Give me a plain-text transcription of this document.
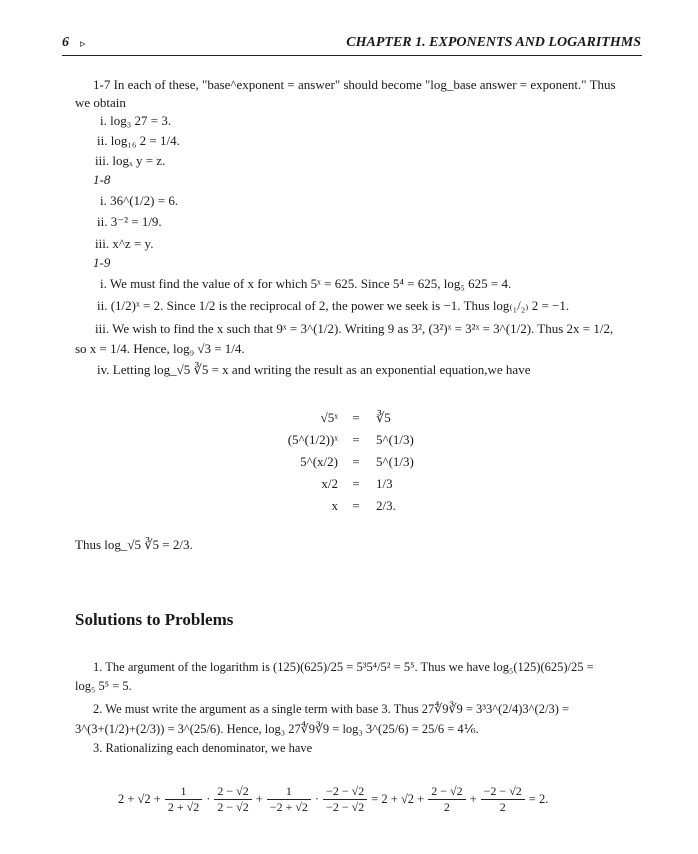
6 ▹	CHAPTER 1. EXPONENTS AND LOGARITHMS
1-7 In each of these, "base^exponent = answer" should become "log_base answer = exponent." Thus
we obtain
i. log₃ 27 = 3.
ii. log₁₆ 2 = 1/4.
iii. logₓ y = z.
1-8
i. 36^(1/2) = 6.
ii. 3⁻² = 1/9.
iii. x^z = y.
1-9
i. We must find the value of x for which 5ˣ = 625. Since 5⁴ = 625, log₅ 625 = 4.
ii. (1/2)ˣ = 2. Since 1/2 is the reciprocal of 2, the power we seek is −1. Thus log₍₁/₂₎ 2 = −1.
iii. We wish to find the x such that 9ˣ = 3^(1/2). Writing 9 as 3², (3²)ˣ = 3²ˣ = 3^(1/2). Thus 2x = 1/2,
so x = 1/4. Hence, log₉ √3 = 1/4.
iv. Letting log_√5 ∛5 = x and writing the result as an exponential equation,we have
√5ˣ	=	∛5
(5^(1/2))ˣ	=	5^(1/3)
5^(x/2)	=	5^(1/3)
x/2	=	1/3
x	=	2/3.
Thus log_√5 ∛5 = 2/3.
Solutions to Problems
1. The argument of the logarithm is (125)(625)/25 = 5³5⁴/5² = 5⁵. Thus we have log₅(125)(625)/25 =
log₅ 5⁵ = 5.
2. We must write the argument as a single term with base 3. Thus 27∜9∛9 = 3³3^(2/4)3^(2/3) =
3^(3+(1/2)+(2/3)) = 3^(25/6). Hence, log₃ 27∜9∛9 = log₃ 3^(25/6) = 25/6 = 4⅙.
3. Rationalizing each denominator, we have
$2 + √2 + \frac{1}{2 + √2} \cdot \frac{2 - √2}{2 - √2} + \frac{1}{-2 + √2} \cdot \frac{-2 - √2}{-2 - √2} = 2 + √2 + \frac{2 - √2}{2} + \frac{-2 - √2}{2} = 2$.
